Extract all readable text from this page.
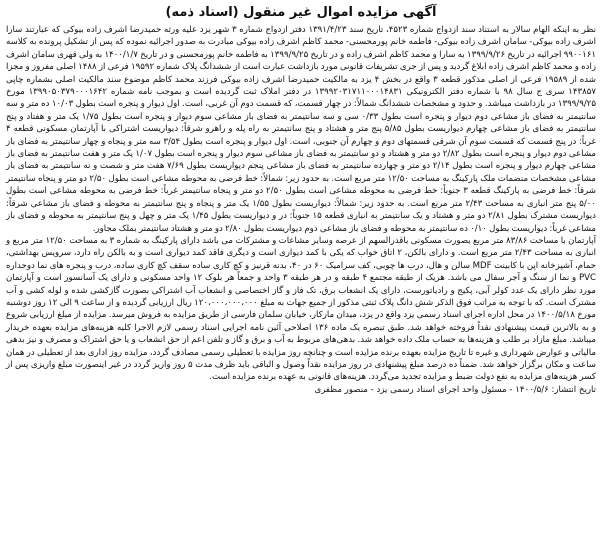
آگهی مزایده اموال غیر منقول (اسناد ذمه)

نظر به اینکه الهام سالار به استناد سند ازدواج شماره ۴۵۲۳، تاریخ سند ۱۳۹۱/۴/۲۳ دفتر ازدواج شماره ۳ شهر یزد علیه ورثه حمیدرضا اشرف زاده بیوکی که عبارتند سارا اشرف زاده بیوکی- سامان اشرف زاده بیوکی- فاطمه خانم پورمحسنی- محمد کاظم اشرف زاده بیوکی مبادرت به صدور اجرائیه نموده که پس از تشکیل پرونده به کلاسه ۹۹۰۰۱۶۱ اجرائیه در تاریخ ۱۳۹۹/۹/۲۶ به سارا و محمد کاظم اشرف زاده و در تاریخ ۱۳۹۹/۹/۲۵ به فاطمه خانم پورمحسنی و در تاریخ ۱۴۰۰/۱/۷ به ولی قهری سامان اشرف زاده و محمد کاظم اشرف زاده ابلاغ گردید و پس از جری تشریفات قانونی مورد بازداشت عبارت است از ششدانگ پلاک شماره ۱۹۵۹۲ فرعی از ۱۴۸۸ اصلی مفروز و مجزا شده از ۱۹۵۸۹ فرعی از اصلی مذکور قطعه ۳ واقع در بخش ۴ یزد به مالکیت حمیدرضا اشرف زاده بیوکی فرزند محمد کاظم موضوع سند مالکیت اصلی بشماره چاپی ۱۴۳۸۵۷ سری ج سال ۹۸ با شماره دفتر الکترونیکی ۱۳۹۹۲۰۳۱۷۱۱۰۰۰۱۴۸۳۱ در دفتر املاک ثبت گردیده است و بموجب نامه شماره ۱۳۹۹۰۵۰۳۷۹۰۰۰۱۶۴۲ مورخ ۱۳۹۹/۹/۲۵ در بازداشت میباشد. و حدود و مشخصات ششدانگ شمالاً: در چهار قسمت، که قسمت دوم آن غربی، است. اول دیوار و پنجره است بطول ۱۰/۰۳ ده متر و سه سانتیمتر به فضای باز مشاعی دوم دیوار و پنجره است بطول ۰/۳۳ سی و سه سانتیمتر به فضای باز مشاعی سوم دیوار و پنجره است بطول ۱/۷۵ یک متر و هفتاد و پنج سانتیمتر به فضای باز مشاعی چهارم دیواریست بطول ۵/۸۵ پنج متر و هشتاد و پنج سانتیمتر به راه پله و راهرو شرقاً: دیواریست اشتراکی با آپارتمان مسکونی قطعه ۴ غرباً: در پنج قسمت که قسمت سوم آن شرقی قسمتهای دوم و چهارم آن جنوبی، است. اول دیوار و پنجره است بطول ۳/۵۴ سه متر و پنجاه و چهار سانتیمتر به فضای باز مشاعی دوم دیوار و پنجره است بطول ۲/۸۲ دو متر و هشتاد و دو سانتیمتر به فضای باز مشاعی سوم دیوار و پنجره است بطول ۱/۰۷ یک متر و هفت سانتیمتر به فضای باز مشاعی چهارم دیوار و پنجره است بطول ۲/۱۴ دو متر و چهارده سانتیمتر به فضای باز مشاعی پنجم دیواریست بطول ۷/۶۹ هفت متر و شصت و نه سانتیمتر به فضای باز مشاعی مشخصات منضمات ملک پارکینگ به مساحت ۱۲/۵۰ متر مربع است. به حدود زیر: شمالاً: خط فرضی به محوطه مشاعی است بطول ۲/۵۰ دو متر و پنجاه سانتیمتر شرقاً: خط فرضی به پارکینگ قطعه ۳ جنوباً: خط فرضی به محوطه مشاعی است بطول ۲/۵۰ دو متر و پنجاه سانتیمتر غرباً: خط فرضی به محوطه مشاعی است بطول ۵/۰۰ پنج متر انباری به مساحت ۲/۴۳ متر مربع است. به حدود زیر: شمالاً: دیواریست بطول ۱/۵۵ یک متر و پنجاه و پنج سانتیمتر به محوطه و فضای باز مشاعی شرقاً: دیواریست مشترک بطول ۲/۸۱ دو متر و هشتاد و یک سانتیمتر به انباری قطعه ۱۵ جنوباً: در و دیواریست بطول ۱/۴۵ یک متر و چهل و پنج سانتیمتر به محوطه و فضای باز مشاعی غرباً: دیواریست بطول ۰/۱۰ ده سانتیمتر به محوطه و فضای باز مشاعی دوم دیواریست بطول ۲/۸۰ دو متر و هشتاد سانتیمتر بملک مجاور.

آپارتمان با مساحت ۸۳/۸۶ متر مربع بصورت مسکونی باقدرالسهم از عرصه وسایر مشاعات و مشترکات می باشد دارای پارکینگ به شماره ۳ به مساحت ۱۲/۵۰ متر مربع و انباری به مساحت ۲/۴۳ متر مربع است. و دارای بالکن، ۲ اتاق خواب که یکی با کمد دیواری است و دیگری فاقد کمد دیواری است و به بالکن راه دارد، سرویس بهداشتی، حمام، آشپزخانه اپن با کابینت MDF سالن و هال، درب ها چوبی، کف سرامیک ۶۰ در ۴۰، بدنه قرنیز و کچ کاری ساده سقف کچ کاری ساده، درب و پنجره های نما دوجداره PVC و نما از سنگ و آجر سفال می باشد. هریک از طبقه مجتمع ۴ طبقه و در هر طبقه ۳ واحد و جمعاً هر بلوک ۱۲ واحد مسکونی و دارای یک آسانسور است و آپارتمان مورد نظر دارای یک عدد کولر آبی، پکیج و رادیاتورست، دارای یک انشعاب برق، تک فاز و گاز اختصاصی و انشعاب آب اشتراکی بصورت گازکشی شده و لوله کشی و آب مشترک است. که با توجه به مراتب فوق الذکر شش دانگ پلاک ثبتی مذکور از جمیع جهات به مبلغ ۱۲۰،۰۰۰،۰۰۰،۰۰۰ ریال ارزیابی گردیده و از ساعت ۹ الی ۱۲ روز دوشنبه مورخ ۱۴۰۰/۵/۱۸ در محل اداره اجرای اسناد رسمی یزد واقع در یزد، میدان مارکار، خیابان سلمان فارسی از طریق مزایده به فروش میرسد. مزایده از مبلغ ارزیابی شروع و به بالاترین قیمت پیشنهادی نقداً فروخته خواهد شد. طبق تبصره یک ماده ۱۳۶ اصلاحی آئین نامه اجرایی اسناد رسمی لازم الاجرا کلیه هزینه‌های مزایده بعهده خریدار میباشد. مبلغ مازاد بر طلب و هزینه‌ها به حساب ملک داده خواهد شد. بدهی‌های مربوط به آب و برق و گاز و تلفن اعم از حق انشعاب و یا حق اشتراک و مصرف و نیز بدهی مالیاتی و عوارض شهرداری و غیره تا تاریخ مزایده بعهده برنده مزایده است و چنانچه روز مزایده با تعطیلی رسمی مصادف گردد، مزایده روز اداری بعد از تعطیلی در همان ساعت و مکان برگزار خواهد شد. ضمناً ده درصد مبلغ پیشنهادی در روز مزایده نقداً وصول و الباقی باید ظرف مدت ۵ روز واریز گردد در غیر اینصورت مبلغ واریزی پس از کسر هزینه‌های مزایده به نفع دولت ضبط و مزایده تجدید می‌گردد. هزینه‌های قانونی به عهده برنده مزایده است.

تاریخ انتشار: ۱۴۰۰/۵/۶ - مسئول واحد اجرای اسناد رسمی یزد - منصور مظفری
